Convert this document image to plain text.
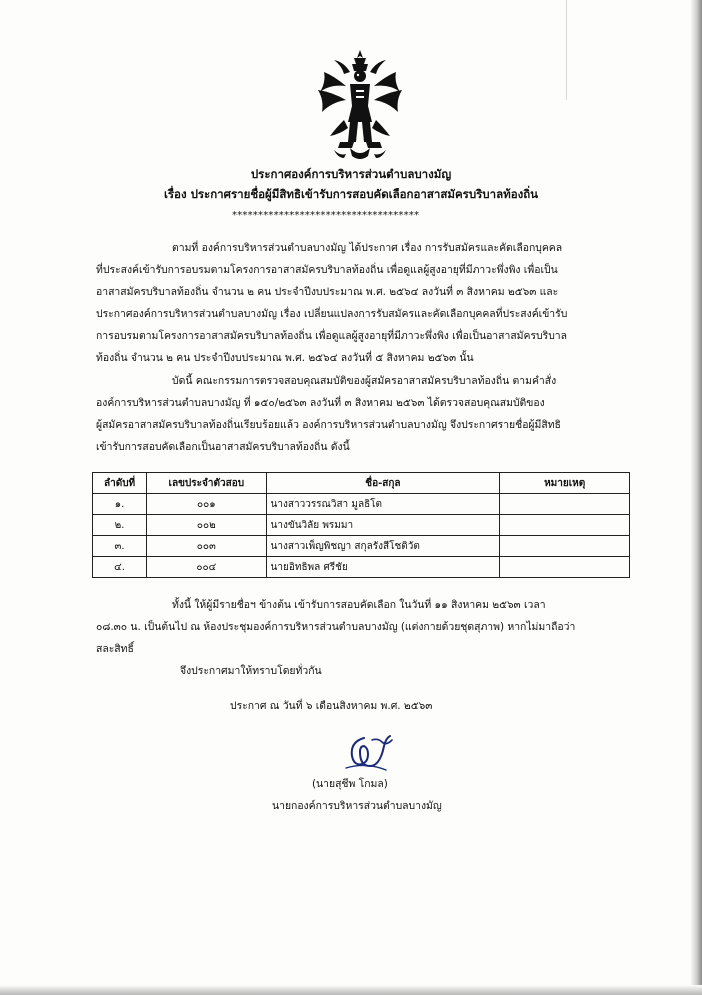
ประกาศองค์การบริหารส่วนตำบลบางมัญ
เรื่อง ประกาศรายชื่อผู้มีสิทธิเข้ารับการสอบคัดเลือกอาสาสมัครบริบาลท้องถิ่น
************************************
ตามที่ องค์การบริหารส่วนตำบลบางมัญ ได้ประกาศ เรื่อง การรับสมัครและคัดเลือกบุคคล
ที่ประสงค์เข้ารับการอบรมตามโครงการอาสาสมัครบริบาลท้องถิ่น เพื่อดูแลผู้สูงอายุที่มีภาวะพึ่งพิง เพื่อเป็น
อาสาสมัครบริบาลท้องถิ่น จำนวน ๒ คน ประจำปีงบประมาณ พ.ศ. ๒๕๖๔ ลงวันที่ ๓ สิงหาคม ๒๕๖๓ และ
ประกาศองค์การบริหารส่วนตำบลบางมัญ เรื่อง เปลี่ยนแปลงการรับสมัครและคัดเลือกบุคคลที่ประสงค์เข้ารับ
การอบรมตามโครงการอาสาสมัครบริบาลท้องถิ่น เพื่อดูแลผู้สูงอายุที่มีภาวะพึ่งพิง เพื่อเป็นอาสาสมัครบริบาล
ท้องถิ่น จำนวน ๒ คน ประจำปีงบประมาณ พ.ศ. ๒๕๖๔ ลงวันที่ ๕ สิงหาคม ๒๕๖๓ นั้น
บัดนี้ คณะกรรมการตรวจสอบคุณสมบัติของผู้สมัครอาสาสมัครบริบาลท้องถิ่น ตามคำสั่ง
องค์การบริหารส่วนตำบลบางมัญ ที่ ๑๕๐/๒๕๖๓ ลงวันที่ ๓ สิงหาคม ๒๕๖๓ ได้ตรวจสอบคุณสมบัติของ
ผู้สมัครอาสาสมัครบริบาลท้องถิ่นเรียบร้อยแล้ว องค์การบริหารส่วนตำบลบางมัญ จึงประกาศรายชื่อผู้มีสิทธิ
เข้ารับการสอบคัดเลือกเป็นอาสาสมัครบริบาลท้องถิ่น ดังนี้
ลำดับที่	เลขประจำตัวสอบ	ชื่อ-สกุล	หมายเหตุ
๑.	๐๐๑	นางสาววรรณวิสา มูลธิโต	
๒.	๐๐๒	นางขันวิลัย พรมมา	
๓.	๐๐๓	นางสาวเพ็ญพิชญา สกุลรังสีโชติวัต	
๔.	๐๐๔	นายอิทธิพล ศรีชัย	
ทั้งนี้ ให้ผู้มีรายชื่อฯ ข้างต้น เข้ารับการสอบคัดเลือก ในวันที่ ๑๑ สิงหาคม ๒๕๖๓ เวลา
๐๘.๓๐ น. เป็นต้นไป ณ ห้องประชุมองค์การบริหารส่วนตำบลบางมัญ (แต่งกายด้วยชุดสุภาพ) หากไม่มาถือว่า
สละสิทธิ์
จึงประกาศมาให้ทราบโดยทั่วกัน
ประกาศ ณ วันที่ ๖ เดือนสิงหาคม พ.ศ. ๒๕๖๓
(นายสุชีพ โกมล)
นายกองค์การบริหารส่วนตำบลบางมัญ
